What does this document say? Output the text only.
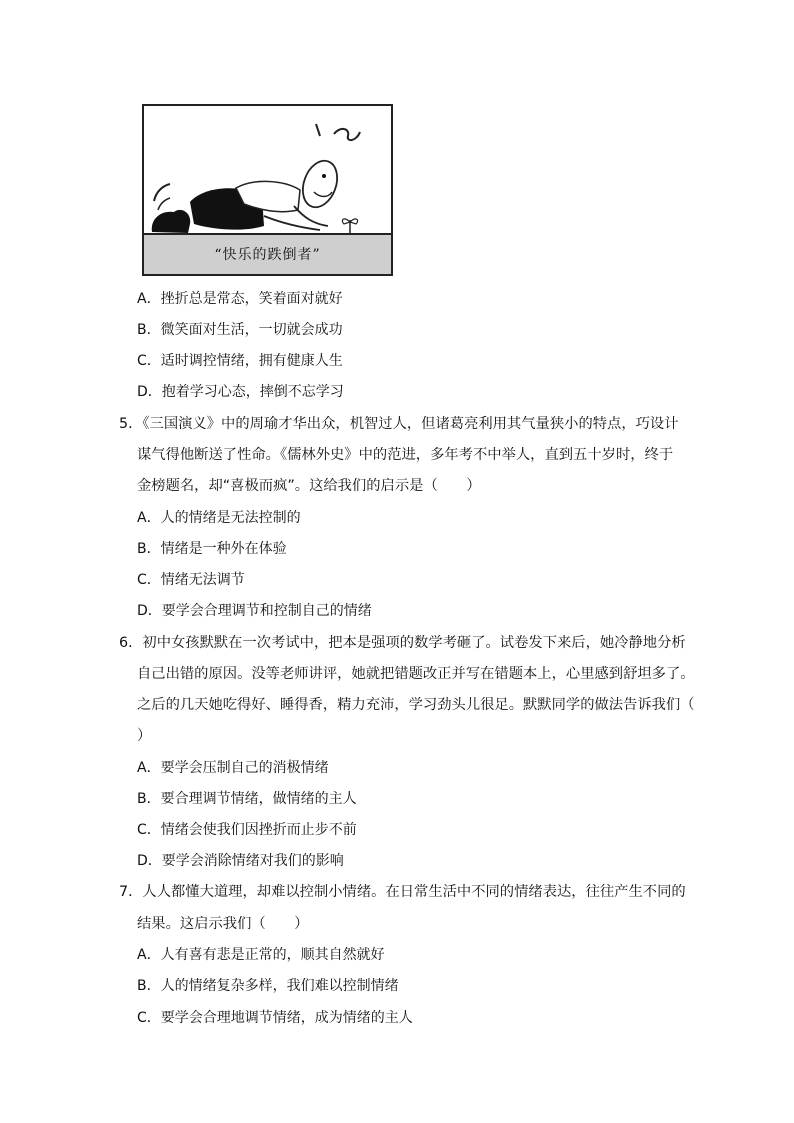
“快乐的跌倒者”
A．挫折总是常态，笑着面对就好
B．微笑面对生活，一切就会成功
C．适时调控情绪，拥有健康人生
D．抱着学习心态，摔倒不忘学习
5．《三国演义》中的周瑜才华出众，机智过人，但诸葛亮利用其气量狭小的特点，巧设计
谋气得他断送了性命。《儒林外史》中的范进，多年考不中举人，直到五十岁时，终于
金榜题名，却“喜极而疯”。这给我们的启示是（　　）
A．人的情绪是无法控制的
B．情绪是一种外在体验
C．情绪无法调节
D．要学会合理调节和控制自己的情绪
6．初中女孩默默在一次考试中，把本是强项的数学考砸了。试卷发下来后，她冷静地分析
自己出错的原因。没等老师讲评，她就把错题改正并写在错题本上，心里感到舒坦多了。
之后的几天她吃得好、睡得香，精力充沛，学习劲头儿很足。默默同学的做法告诉我们（
）
A．要学会压制自己的消极情绪
B．要合理调节情绪，做情绪的主人
C．情绪会使我们因挫折而止步不前
D．要学会消除情绪对我们的影响
7．人人都懂大道理，却难以控制小情绪。在日常生活中不同的情绪表达，往往产生不同的
结果。这启示我们（　　）
A．人有喜有悲是正常的，顺其自然就好
B．人的情绪复杂多样，我们难以控制情绪
C．要学会合理地调节情绪，成为情绪的主人
